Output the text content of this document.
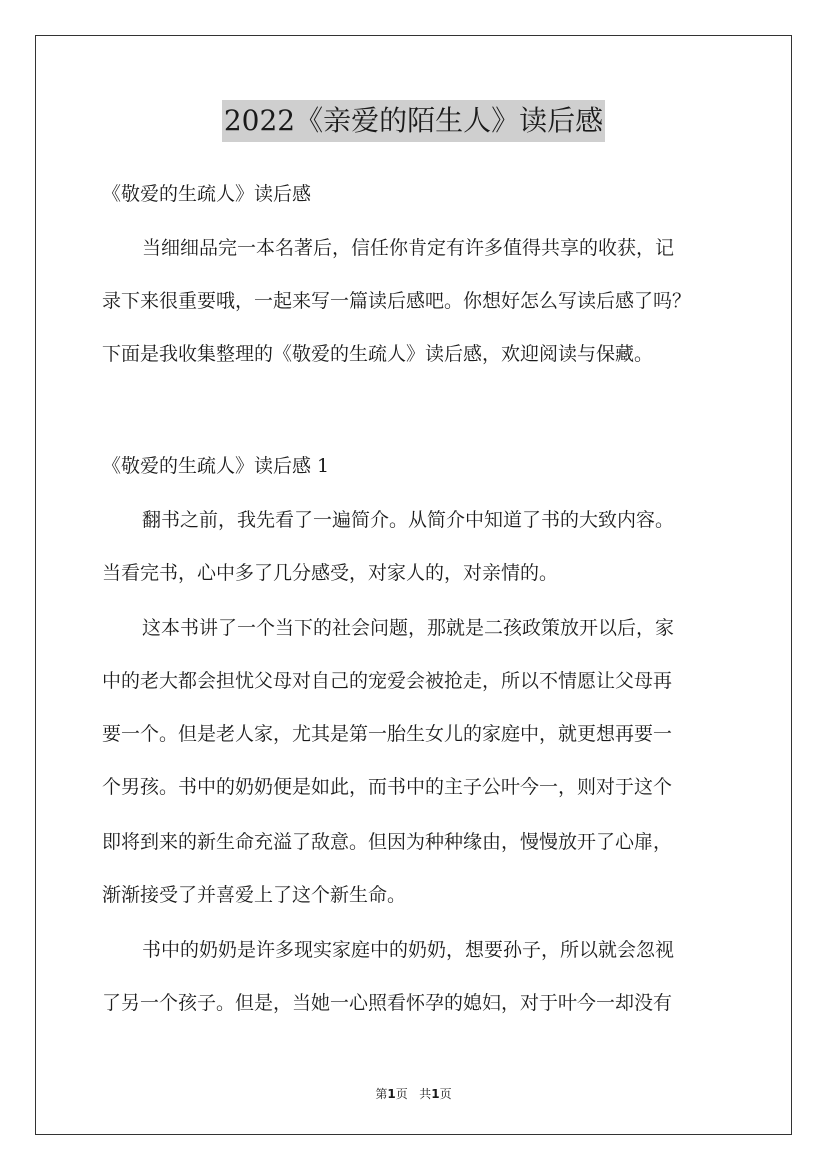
2022《亲爱的陌生人》读后感
《敬爱的生疏人》读后感
当细细品完一本名著后，信任你肯定有许多值得共享的收获，记
录下来很重要哦，一起来写一篇读后感吧。你想好怎么写读后感了吗？
下面是我收集整理的《敬爱的生疏人》读后感，欢迎阅读与保藏。
《敬爱的生疏人》读后感 1
翻书之前，我先看了一遍简介。从简介中知道了书的大致内容。
当看完书，心中多了几分感受，对家人的，对亲情的。
这本书讲了一个当下的社会问题，那就是二孩政策放开以后，家
中的老大都会担忧父母对自己的宠爱会被抢走，所以不情愿让父母再
要一个。但是老人家，尤其是第一胎生女儿的家庭中，就更想再要一
个男孩。书中的奶奶便是如此，而书中的主子公叶今一，则对于这个
即将到来的新生命充溢了敌意。但因为种种缘由，慢慢放开了心扉，
渐渐接受了并喜爱上了这个新生命。
书中的奶奶是许多现实家庭中的奶奶，想要孙子，所以就会忽视
了另一个孩子。但是，当她一心照看怀孕的媳妇，对于叶今一却没有
第1页 共1页
